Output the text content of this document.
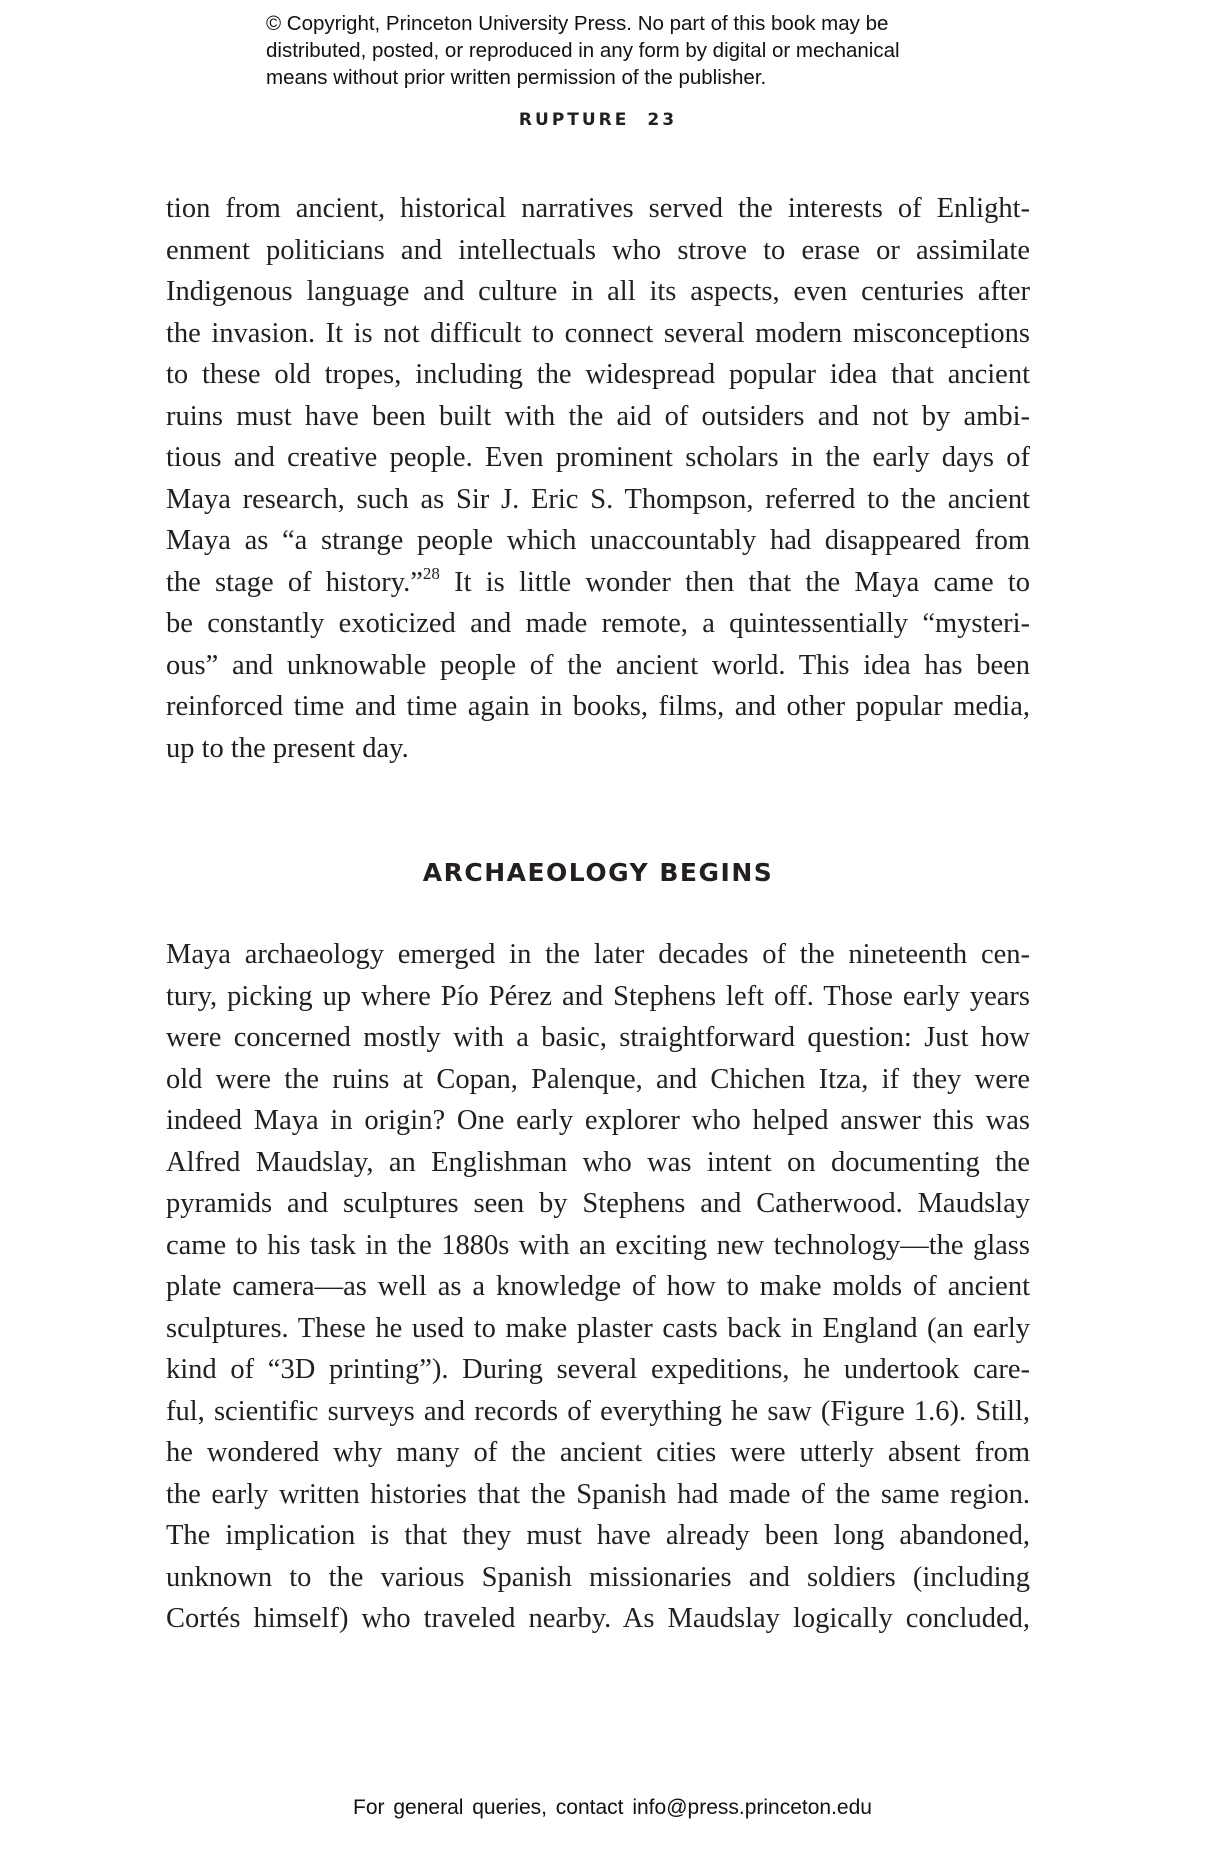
© Copyright, Princeton University Press. No part of this book may be

distributed, posted, or reproduced in any form by digital or mechanical

means without prior written permission of the publisher.

RUPTURE 23
tion from ancient, historical narratives served the interests of Enlight-
enment politicians and intellectuals who strove to erase or assimilate
Indigenous language and culture in all its aspects, even centuries after
the invasion. It is not difficult to connect several modern misconceptions
to these old tropes, including the widespread popular idea that ancient
ruins must have been built with the aid of outsiders and not by ambi-
tious and creative people. Even prominent scholars in the early days of
Maya research, such as Sir J. Eric S. Thompson, referred to the ancient
Maya as “a strange people which unaccountably had disappeared from
the stage of history.”$^{28}$ It is little wonder then that the Maya came to
be constantly exoticized and made remote, a quintessentially “mysteri-
ous” and unknowable people of the ancient world. This idea has been
reinforced time and time again in books, films, and other popular media,
up to the present day.
ARCHAEOLOGY BEGINS
Maya archaeology emerged in the later decades of the nineteenth cen-
tury, picking up where Pío Pérez and Stephens left off. Those early years
were concerned mostly with a basic, straightforward question: Just how
old were the ruins at Copan, Palenque, and Chichen Itza, if they were
indeed Maya in origin? One early explorer who helped answer this was
Alfred Maudslay, an Englishman who was intent on documenting the
pyramids and sculptures seen by Stephens and Catherwood. Maudslay
came to his task in the 1880s with an exciting new technology—the glass
plate camera—as well as a knowledge of how to make molds of ancient
sculptures. These he used to make plaster casts back in England (an early
kind of “3D printing”). During several expeditions, he undertook care-
ful, scientific surveys and records of everything he saw (Figure 1.6). Still,
he wondered why many of the ancient cities were utterly absent from
the early written histories that the Spanish had made of the same region.
The implication is that they must have already been long abandoned,
unknown to the various Spanish missionaries and soldiers (including
Cortés himself) who traveled nearby. As Maudslay logically concluded,
For general queries, contact info@press.princeton.edu
